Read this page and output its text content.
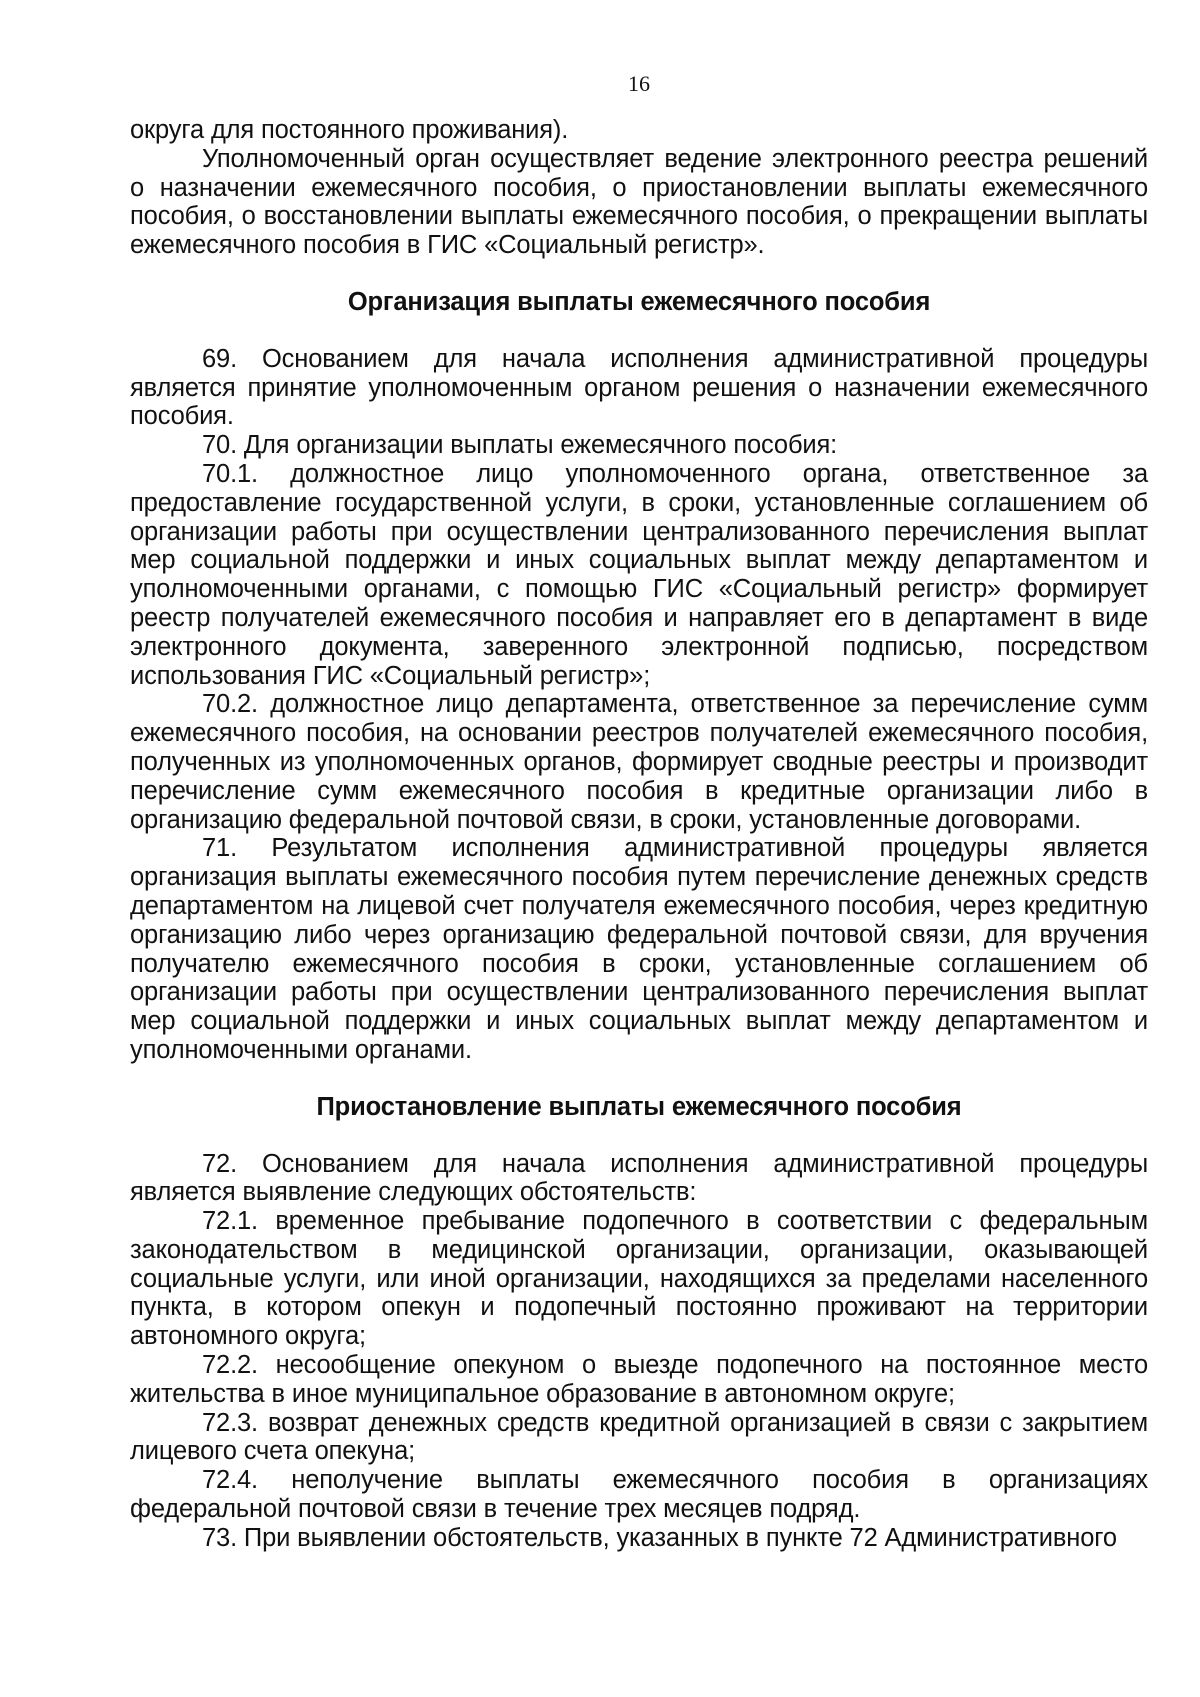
16

округа для постоянного проживания).

Уполномоченный орган осуществляет ведение электронного реестра решений о назначении ежемесячного пособия, о приостановлении выплаты ежемесячного пособия, о восстановлении выплаты ежемесячного пособия, о прекращении выплаты ежемесячного пособия в ГИС «Социальный регистр».

Организация выплаты ежемесячного пособия

69. Основанием для начала исполнения административной процедуры является принятие уполномоченным органом решения о назначении ежемесячного пособия.

70. Для организации выплаты ежемесячного пособия:

70.1. должностное лицо уполномоченного органа, ответственное за предоставление государственной услуги, в сроки, установленные соглашением об организации работы при осуществлении централизованного перечисления выплат мер социальной поддержки и иных социальных выплат между департаментом и уполномоченными органами, с помощью ГИС «Социальный регистр» формирует реестр получателей ежемесячного пособия и направляет его в департамент в виде электронного документа, заверенного электронной подписью, посредством использования ГИС «Социальный регистр»;

70.2. должностное лицо департамента, ответственное за перечисление сумм ежемесячного пособия, на основании реестров получателей ежемесячного пособия, полученных из уполномоченных органов, формирует сводные реестры и производит перечисление сумм ежемесячного пособия в кредитные организации либо в организацию федеральной почтовой связи, в сроки, установленные договорами.

71. Результатом исполнения административной процедуры является организация выплаты ежемесячного пособия путем перечисление денежных средств департаментом на лицевой счет получателя ежемесячного пособия, через кредитную организацию либо через организацию федеральной почтовой связи, для вручения получателю ежемесячного пособия в сроки, установленные соглашением об организации работы при осуществлении централизованного перечисления выплат мер социальной поддержки и иных социальных выплат между департаментом и уполномоченными органами.

Приостановление выплаты ежемесячного пособия

72. Основанием для начала исполнения административной процедуры является выявление следующих обстоятельств:

72.1. временное пребывание подопечного в соответствии с федеральным законодательством в медицинской организации, организации, оказывающей социальные услуги, или иной организации, находящихся за пределами населенного пункта, в котором опекун и подопечный постоянно проживают на территории автономного округа;

72.2. несообщение опекуном о выезде подопечного на постоянное место жительства в иное муниципальное образование в автономном округе;

72.3. возврат денежных средств кредитной организацией в связи с закрытием лицевого счета опекуна;

72.4. неполучение выплаты ежемесячного пособия в организациях федеральной почтовой связи в течение трех месяцев подряд.

73. При выявлении обстоятельств, указанных в пункте 72 Административного
